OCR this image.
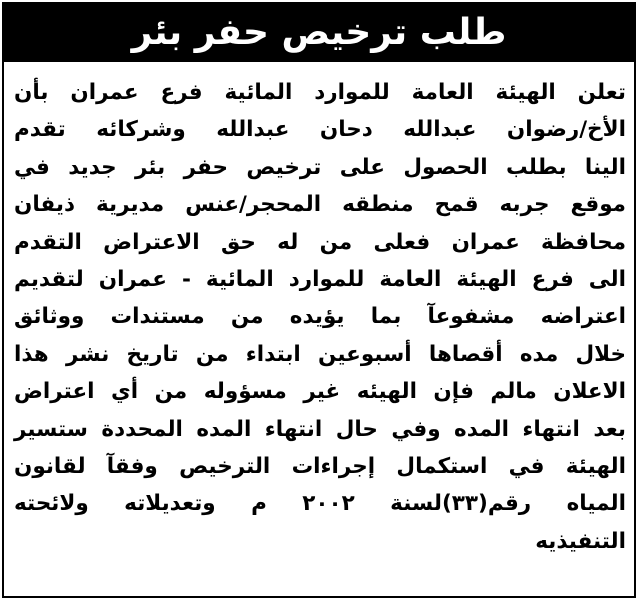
طلب ترخيص حفر بئر
تعلن الهيئة العامة للموارد المائية فرع عمران بأن
الأخ/رضوان عبدالله دحان عبدالله وشركائه تقدم
الينا بطلب الحصول على ترخيص حفر بئر جديد في
موقع جربه قمح منطقه المحجر/عنس مديرية ذيفان
محافظة عمران فعلى من له حق الاعتراض التقدم
الى فرع الهيئة العامة للموارد المائية - عمران لتقديم
اعتراضه مشفوعآ بما يؤيده من مستندات ووثائق
خلال مده أقصاها أسبوعين ابتداء من تاريخ نشر هذا
الاعلان مالم فإن الهيئه غير مسؤوله من أي اعتراض
بعد انتهاء المده وفي حال انتهاء المده المحددة ستسير
الهيئة في استكمال إجراءات الترخيص وفقآ لقانون
المياه رقم(٣٣)لسنة ٢٠٠٢ م وتعديلاته ولائحته
التنفيذيه
